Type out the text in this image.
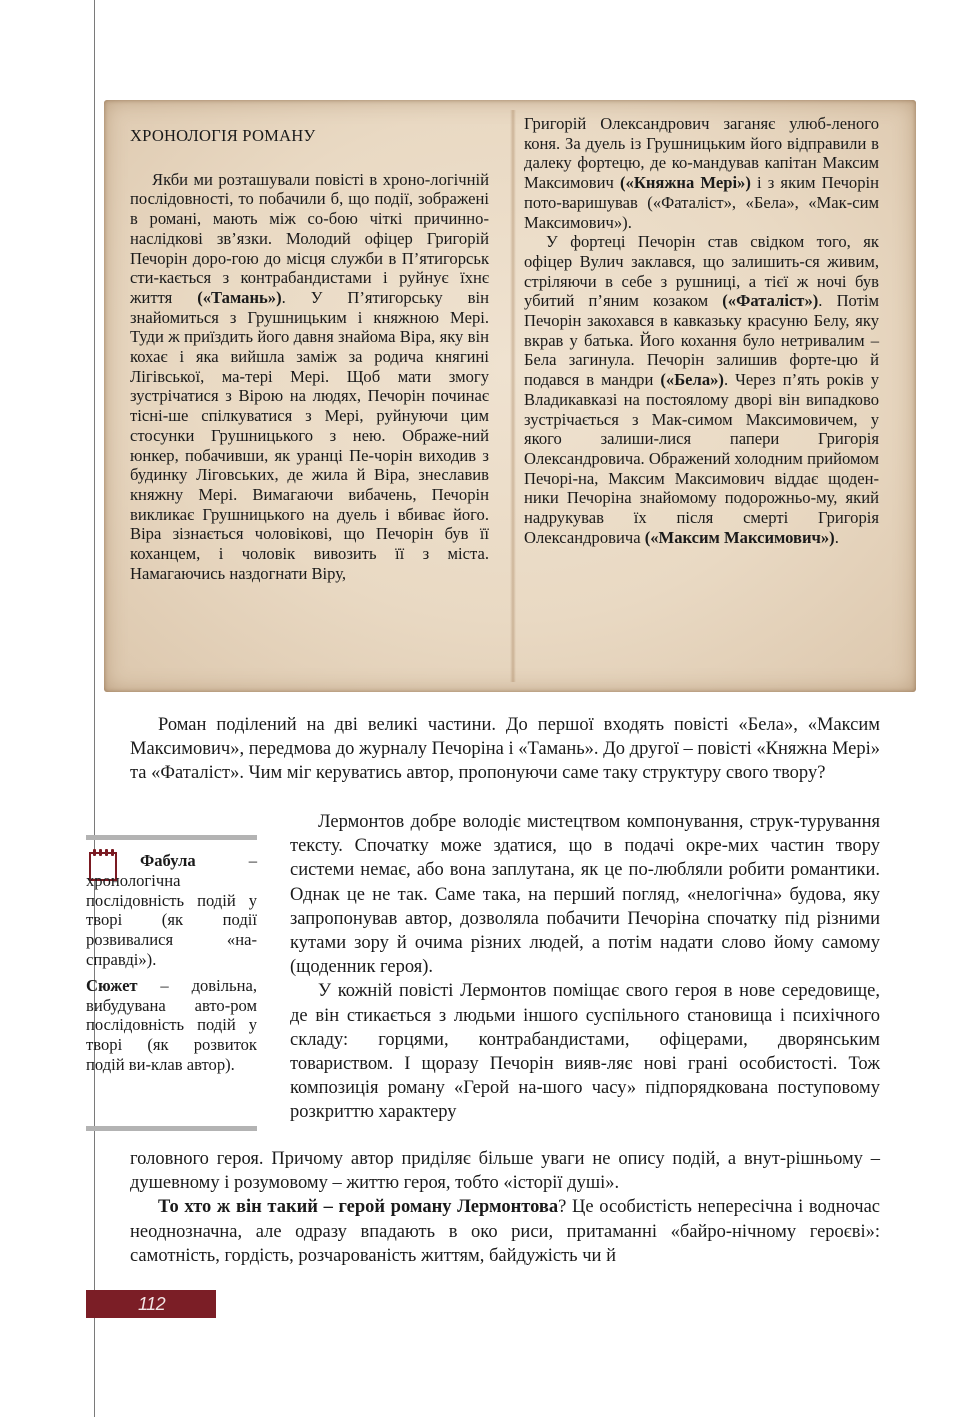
ХРОНОЛОГІЯ РОМАНУ

Якби ми розташували повісті в хроно-логічній послідовності, то побачили б, що події, зображені в романі, мають між со-бою чіткі причинно-наслідкові зв’язки. Молодий офіцер Григорій Печорін доро-гою до місця служби в П’ятигорськ сти-кається з контрабандистами і руйнує їхнє життя («Тамань»). У П’ятигорську він знайомиться з Грушницьким і княжною Мері. Туди ж приїздить його давня знайома Віра, яку він кохає і яка вийшла заміж за родича княгині Лігівської, ма-тері Мері. Щоб мати змогу зустрічатися з Вірою на людях, Печорін починає тісні-ше спілкуватися з Мері, руйнуючи цим стосунки Грушницького з нею. Ображе-ний юнкер, побачивши, як уранці Пе-чорін виходив з будинку Ліговських, де жила й Віра, знеславив княжну Мері. Вимагаючи вибачень, Печорін викликає Грушницького на дуель і вбиває його. Віра зізнається чоловікові, що Печорін був її коханцем, і чоловік вивозить її з міста. Намагаючись наздогнати Віру,

Григорій Олександрович заганяє улюб-леного коня. За дуель із Грушницьким його відправили в далеку фортецю, де ко-мандував капітан Максим Максимович («Княжна Мері») і з яким Печорін пото-варишував («Фаталіст», «Бела», «Мак-сим Максимович»).

У фортеці Печорін став свідком того, як офіцер Вулич заклався, що залишить-ся живим, стріляючи в себе з рушниці, а тієї ж ночі був убитий п’яним козаком («Фаталіст»). Потім Печорін закохався в кавказьку красуню Белу, яку вкрав у батька. Його кохання було нетривалим – Бела загинула. Печорін залишив форте-цю й подався в мандри («Бела»). Через п’ять років у Владикавказі на постоялому дворі він випадково зустрічається з Мак-симом Максимовичем, у якого залиши-лися папери Григорія Олександровича. Ображений холодним прийомом Печорі-на, Максим Максимович віддає щоден-ники Печоріна знайомому подорожньо-му, який надрукував їх після смерті Григорія Олександровича («Максим Максимович»).

Роман поділений на дві великі частини. До першої входять повісті «Бела», «Максим Максимович», передмова до журналу Печоріна і «Тамань». До другої – повісті «Княжна Мері» та «Фаталіст». Чим міг керуватись автор, пропонуючи саме таку структуру свого твору?

Лермонтов добре володіє мистецтвом компонування, струк-турування тексту. Спочатку може здатися, що в подачі окре-мих частин твору системи немає, або вона заплутана, як це по-любляли робити романтики. Однак це не так. Саме така, на перший погляд, «нелогічна» будова, яку запропонував автор, дозволяла побачити Печоріна спочатку під різними кутами зору й очима різних людей, а потім надати слово йому самому (щоденник героя).

У кожній повісті Лермонтов поміщає свого героя в нове середовище, де він стикається з людьми іншого суспільного становища і психічного складу: горцями, контрабандистами, офіцерами, дворянським товариством. І щоразу Печорін вияв-ляє нові грані особистості. Тож композиція роману «Герой на-шого часу» підпорядкована поступовому розкриттю характеру

головного героя. Причому автор приділяє більше уваги не опису подій, а внут-рішньому – душевному і розумовому – життю героя, тобто «історії душі».

То хто ж він такий – герой роману Лермонтова? Це особистість непересічна і водночас неоднозначна, але одразу впадають в око риси, притаманні «байро-нічному героєві»: самотність, гордість, розчарованість життям, байдужість чи й

Фабула – хронологічна послідовність подій у творі (як події розвивалися «на-справді»).

Сюжет – довільна, вибудувана авто-ром послідовність подій у творі (як розвиток подій ви-клав автор).

112
